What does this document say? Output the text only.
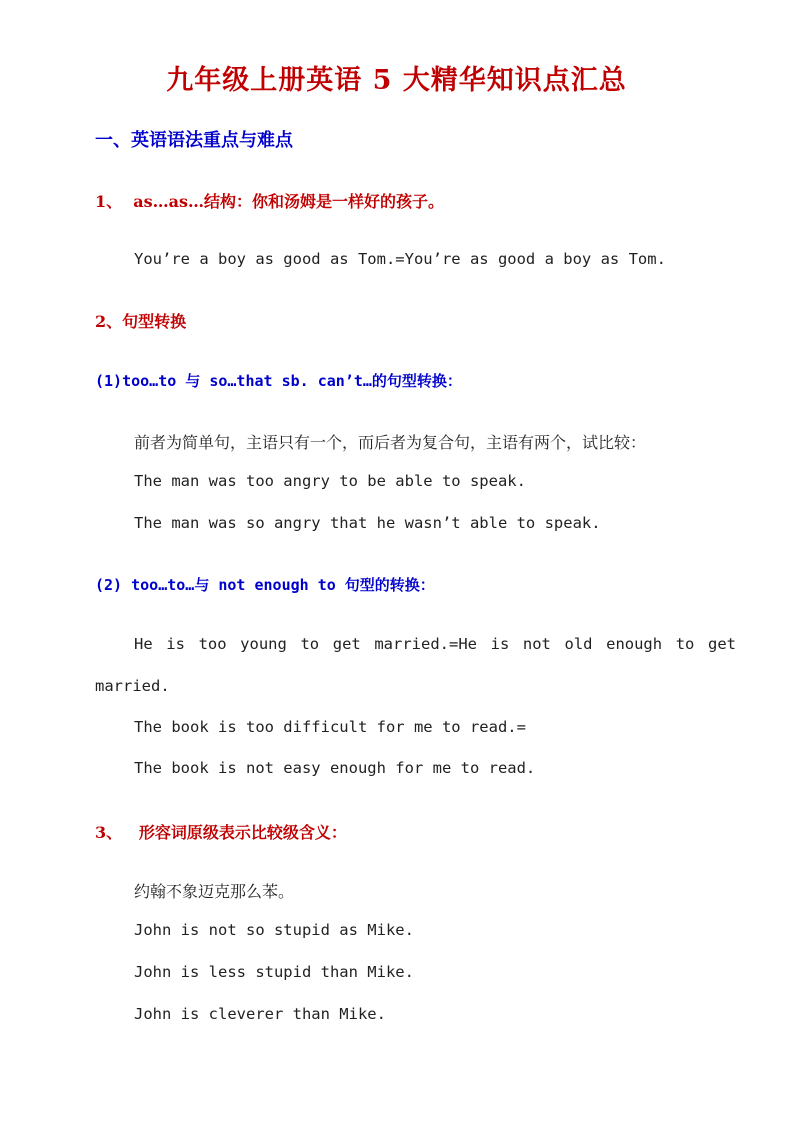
九年级上册英语 5 大精华知识点汇总
一、英语语法重点与难点
1、  as…as…结构：你和汤姆是一样好的孩子。
You’re a boy as good as Tom.=You’re as good a boy as Tom.
2、句型转换
(1)too…to 与 so…that sb. can’t…的句型转换：
前者为简单句，主语只有一个，而后者为复合句，主语有两个，试比较：
The man was too angry to be able to speak.
The man was so angry that he wasn’t able to speak.
(2) too…to…与 not enough to 句型的转换：
He is too young to get married.=He is not old enough to get
married.
The book is too difficult for me to read.=
The book is not easy enough for me to read.
3、   形容词原级表示比较级含义：
约翰不象迈克那么苯。
John is not so stupid as Mike.
John is less stupid than Mike.
John is cleverer than Mike.
